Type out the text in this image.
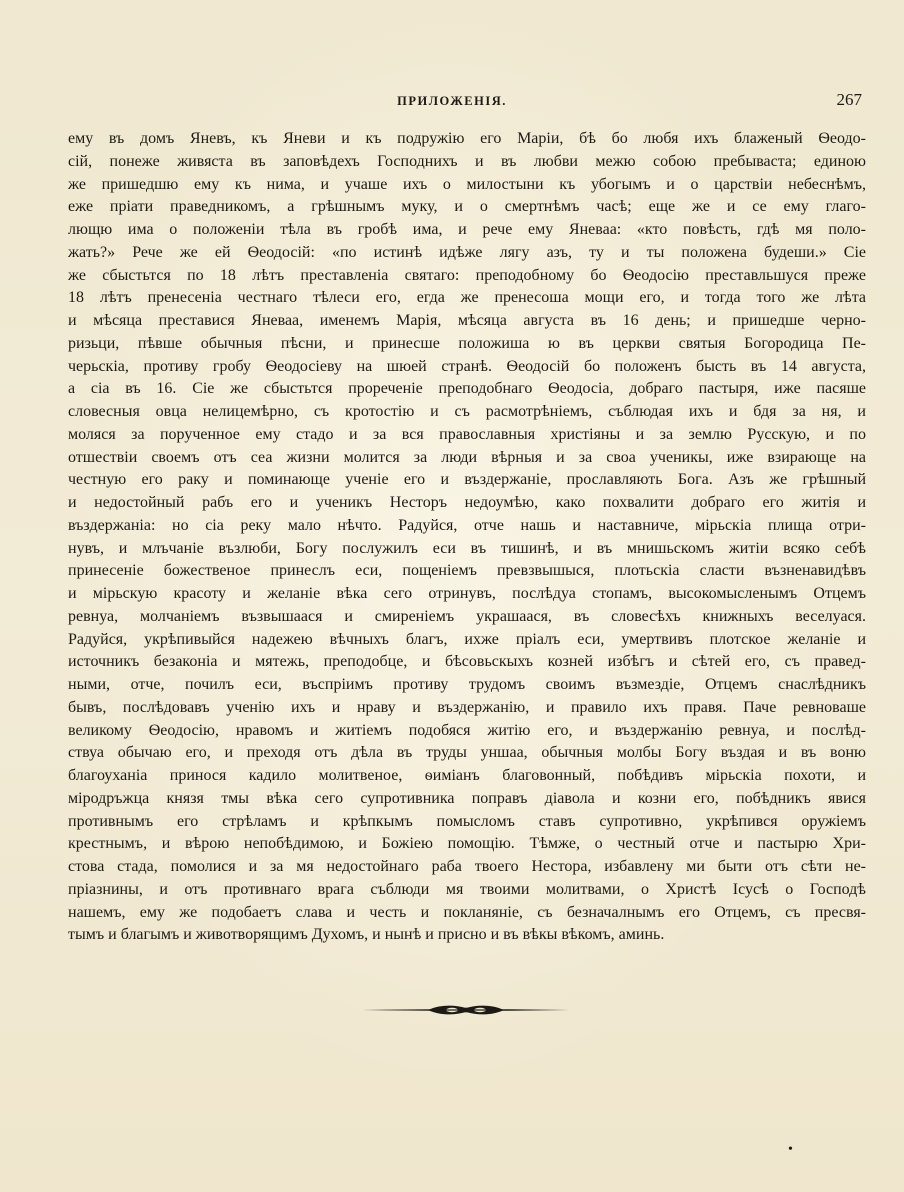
ПРИЛОЖЕНІЯ.	267
ему въ домъ Яневъ, къ Яневи и къ подружію его Маріи, бѣ бо любя ихъ блаженый Ѳеодо-
сій, понеже живяста въ заповѣдехъ Господнихъ и въ любви межю собою пребываста; единою
же пришедшю ему къ нима, и учаше ихъ о милостыни къ убогымъ и о царствіи небеснѣмъ,
еже пріати праведникомъ, а грѣшнымъ муку, и о смертнѣмъ часѣ; еще же и се ему глаго-
лющю има о положеніи тѣла въ гробѣ има, и рече ему Яневаа: «кто повѣсть, гдѣ мя поло-
жать?» Рече же ей Ѳеодосій: «по истинѣ идѣже лягу азъ, ту и ты положена будеши.» Сіе
же сбыстьтся по 18 лѣтъ преставленіа святаго: преподобному бо Ѳеодосію преставльшуся преже
18 лѣтъ пренесеніа честнаго тѣлеси его, егда же пренесоша мощи его, и тогда того же лѣта
и мѣсяца преставися Яневаа, именемъ Марія, мѣсяца августа въ 16 день; и пришедше черно-
ризьци, пѣвше обычныя пѣсни, и принесше положиша ю въ церкви святыя Богородица Пе-
черьскіа, противу гробу Ѳеодосіеву на шюей странѣ. Ѳеодосій бо положенъ бысть въ 14 августа,
а сіа въ 16. Сіе же сбыстьтся прореченіе преподобнаго Ѳеодосіа, добраго пастыря, иже пасяше
словесныя овца нелицемѣрно, съ кротостію и съ расмотрѣніемъ, съблюдая ихъ и бдя за ня, и
моляся за порученное ему стадо и за вся православныя христіяны и за землю Русскую, и по
отшествіи своемъ отъ сеа жизни молится за люди вѣрныя и за своа ученикы, иже взирающе на
честную его раку и поминающе ученіе его и въздержаніе, прославляють Бога. Азъ же грѣшный
и недостойный рабъ его и ученикъ Несторъ недоумѣю, како похвалити добраго его житія и
въздержаніа: но сіа реку мало нѣчто. Радуйся, отче нашь и наставниче, мірьскіа плища отри-
нувъ, и млъчаніе възлюби, Богу послужилъ еси въ тишинѣ, и въ мнишьскомъ житіи всяко себѣ
принесеніе божественое принеслъ еси, пощеніемъ превзвышыся, плотьскіа сласти възненавидѣвъ
и мірьскую красоту и желаніе вѣка сего отринувъ, послѣдуа стопамъ, высокомысленымъ Отцемъ
ревнуа, молчаніемъ възвышаася и смиреніемъ украшаася, въ словесѣхъ книжныхъ веселуася.
Радуйся, укрѣпивыйся надежею вѣчныхъ благъ, ихже пріалъ еси, умертвивъ плотское желаніе и
источникъ безаконіа и мятежь, преподобце, и бѣсовьскыхъ козней избѣгъ и сѣтей его, съ правед-
ными, отче, почилъ еси, въспріимъ противу трудомъ своимъ възмездіе, Отцемъ снаслѣдникъ
бывъ, послѣдовавъ ученію ихъ и нраву и въздержанію, и правило ихъ правя. Паче ревноваше
великому Ѳеодосію, нравомъ и житіемъ подобяся житію его, и въздержанію ревнуа, и послѣд-
ствуа обычаю его, и преходя отъ дѣла въ труды уншаа, обычныя молбы Богу въздая и въ воню
благоуханіа принося кадило молитвеное, ѳиміанъ благовонный, побѣдивъ мірьскіа похоти, и
міродръжца князя тмы вѣка сего супротивника поправъ діавола и козни его, побѣдникъ явися
противнымъ его стрѣламъ и крѣпкымъ помысломъ ставъ супротивно, укрѣпився оружіемъ
крестнымъ, и вѣрою непобѣдимою, и Божіею помощію. Тѣмже, о честный отче и пастырю Хри-
стова стада, помолися и за мя недостойнаго раба твоего Нестора, избавлену ми быти отъ сѣти не-
пріазнины, и отъ противнаго врага съблюди мя твоими молитвами, о Христѣ Ісусѣ о Господѣ
нашемъ, ему же подобаетъ слава и честь и покланяніе, съ безначалнымъ его Отцемъ, съ пресвя-
тымъ и благымъ и животворящимъ Духомъ, и нынѣ и присно и въ вѣкы вѣкомъ, аминь.
•
